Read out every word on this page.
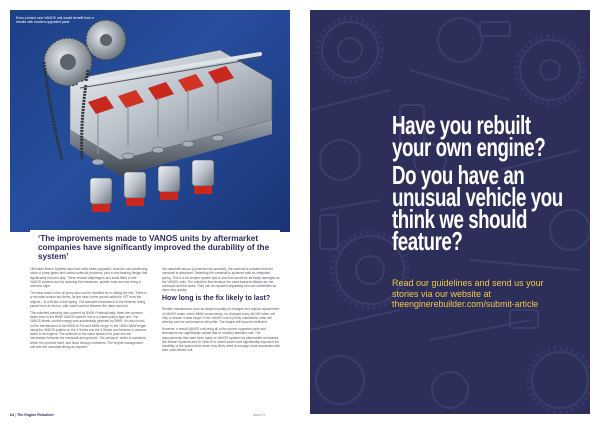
Even a brand new VANOS unit would benefit from a rebuild with modern upgraded parts
‘The improvements made to VANOS units by aftermarket companies have significantly improved the durability of the system’

Lift-based Bosch Systems also had valve seats upgraded, reduced cold positioning, noise of pump gears and control solenoid problems, plus a new bearing design that significantly reduced play. These revised diaphragms and seals fitted to late VANOS systems and by reducing the tolerances, quieter units are now being a common sight.

The wear factor in the oil pump also can be modified by re-drilling the ribs. There is a recorded reason two items, its tips have a new groove added to 9FT from the original – is a bit like a leaf spring. The standard mechanism of the fitments, being placed here at the top, with small load but between the discs and hub.

The unlimited warranty was covered by BMW. Professionally, there are common faults seen in the BMW VANOS system: this is a pulsed piston-type unit. The VANOS kinetic control energy was accidentally patented by BMW. It is also found on the mechanisms of the BMW M Pro and BMW range. In the 1990s BMW began using the VANOS system on the 3 Series and the 5 Series and became a common factor in its engines. The solenoid or the valve allows oil to pass into the mechanism between the camshaft and sprocket. The pressure, which is contained within the sprocket itself, and flows through chambers. The engine management unit sets the camshaft timing as required.

the camshaft sensor (connected via sprocket), the solenoid is actuated and the camshaft is advanced. Retarding the camshaft is achieved with an integrated spring. This is a far simpler system and is one that cannot be as easily damaged as the VANOS units. The rebuild is fine because the most frequent failures are the solenoids and the seals. They can be replaced separately and can sometimes be done very quickly.

How long is the fix likely to last?

Routine maintenance such as frequent quality oil changes and regular replacement of VANOS seals, which BMW recommends, be changed every 60,000 miles, will help to ensure it lasts longer. If the VANOS unit is poorly maintained, wear will develop and the performance will suffer. The engine will become inefficient.

However, a rebuilt VANOS unit using all of the proven upgraded parts and techniques can significantly outlast that of a factory standard unit. The improvements that have been made to VANOS systems by aftermarket companies like Beisan Systems and Dr VANOS in recent years have significantly improved the durability of the system that owner now likely need to manage costs associated with their once-seized unit.

64 | The Engine Rebuilder	Issue 01
Have you rebuilt
your own engine?
Do you have an
unusual vehicle you
think we should
feature?
Read our guidelines and send us your
stories via our website at
theenginerebuilder.com/submit-article
